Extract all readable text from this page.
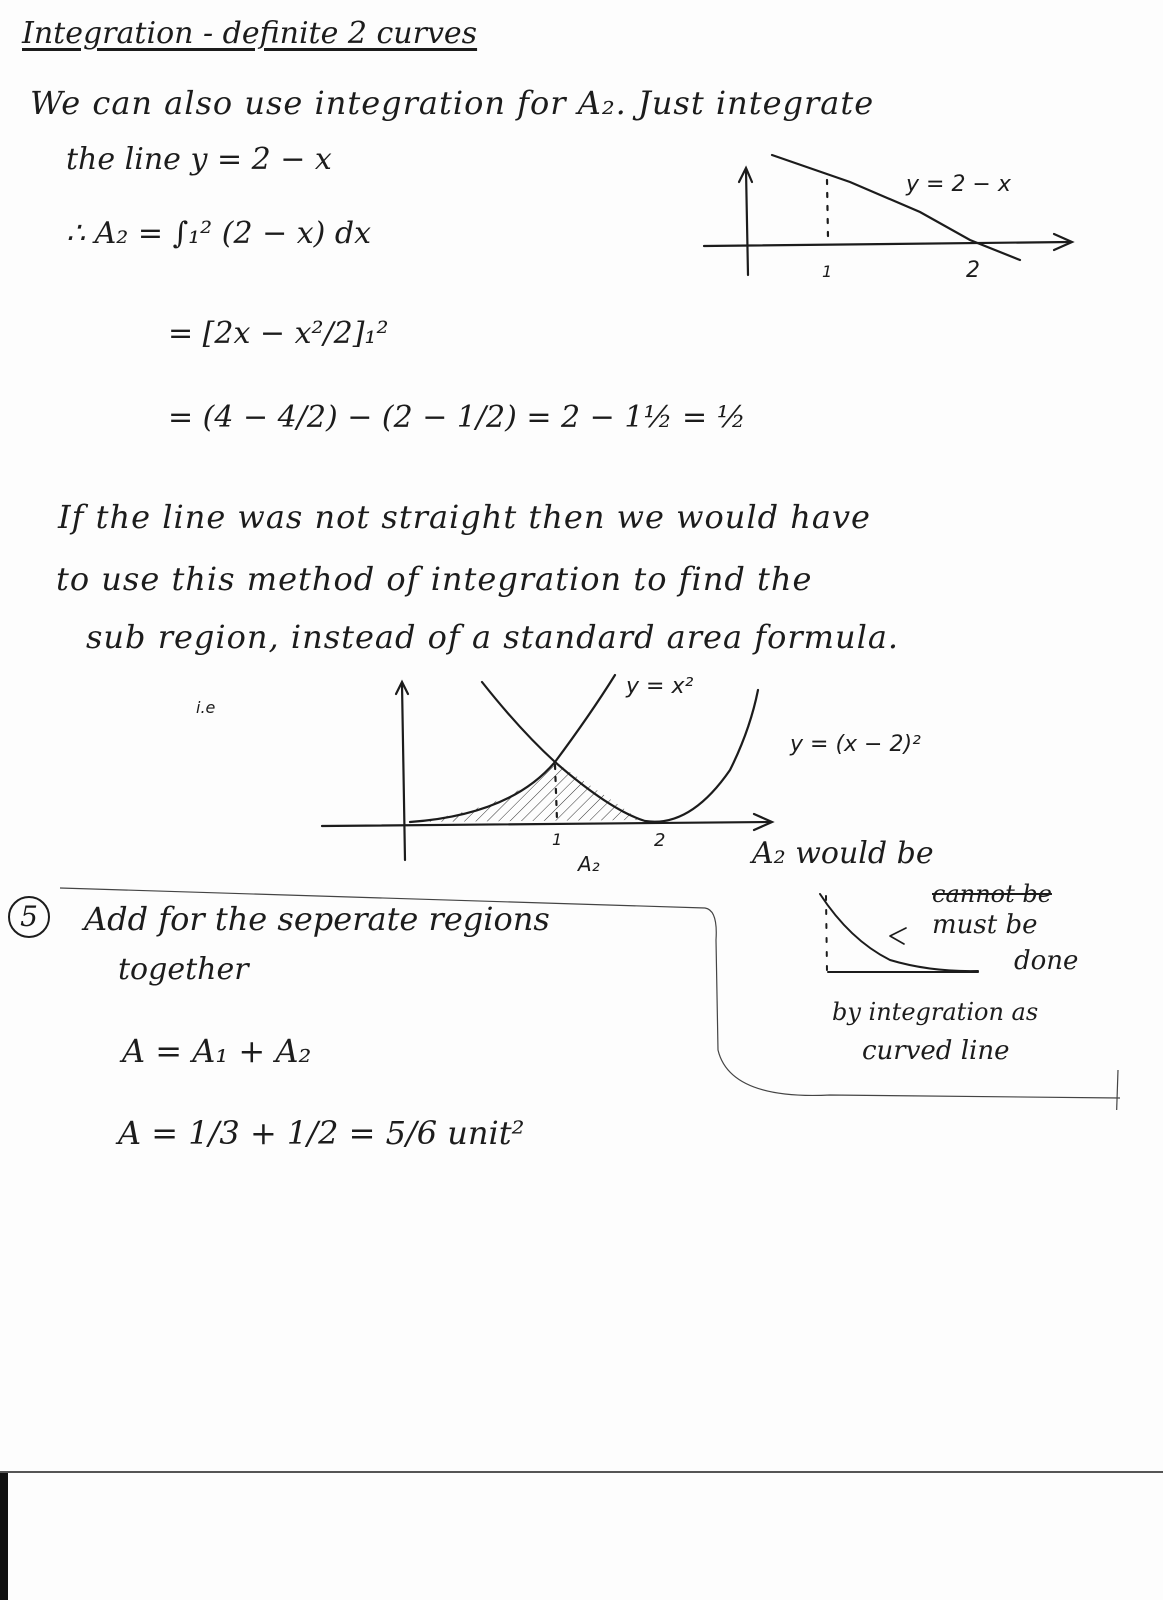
Integration - definite 2 curves
We can also use integration for A₂. Just integrate
the line y = 2 − x
∴ A₂ = ∫₁² (2 − x) dx
= [2x − x²/2]₁²
= (4 − 4/2) − (2 − 1/2) = 2 − 1½ = ½
y = 2 − x
1	2
If the line was not straight then we would have
to use this method of integration to find the
sub region, instead of a standard area formula.
y = x²
y = (x − 2)²
1	2
A₂
i.e
A₂ would be
cannot be
must be
done
by integration as
curved line
5	Add for the seperate regions
together
A = A₁ + A₂
A = 1/3 + 1/2 = 5/6 unit²
